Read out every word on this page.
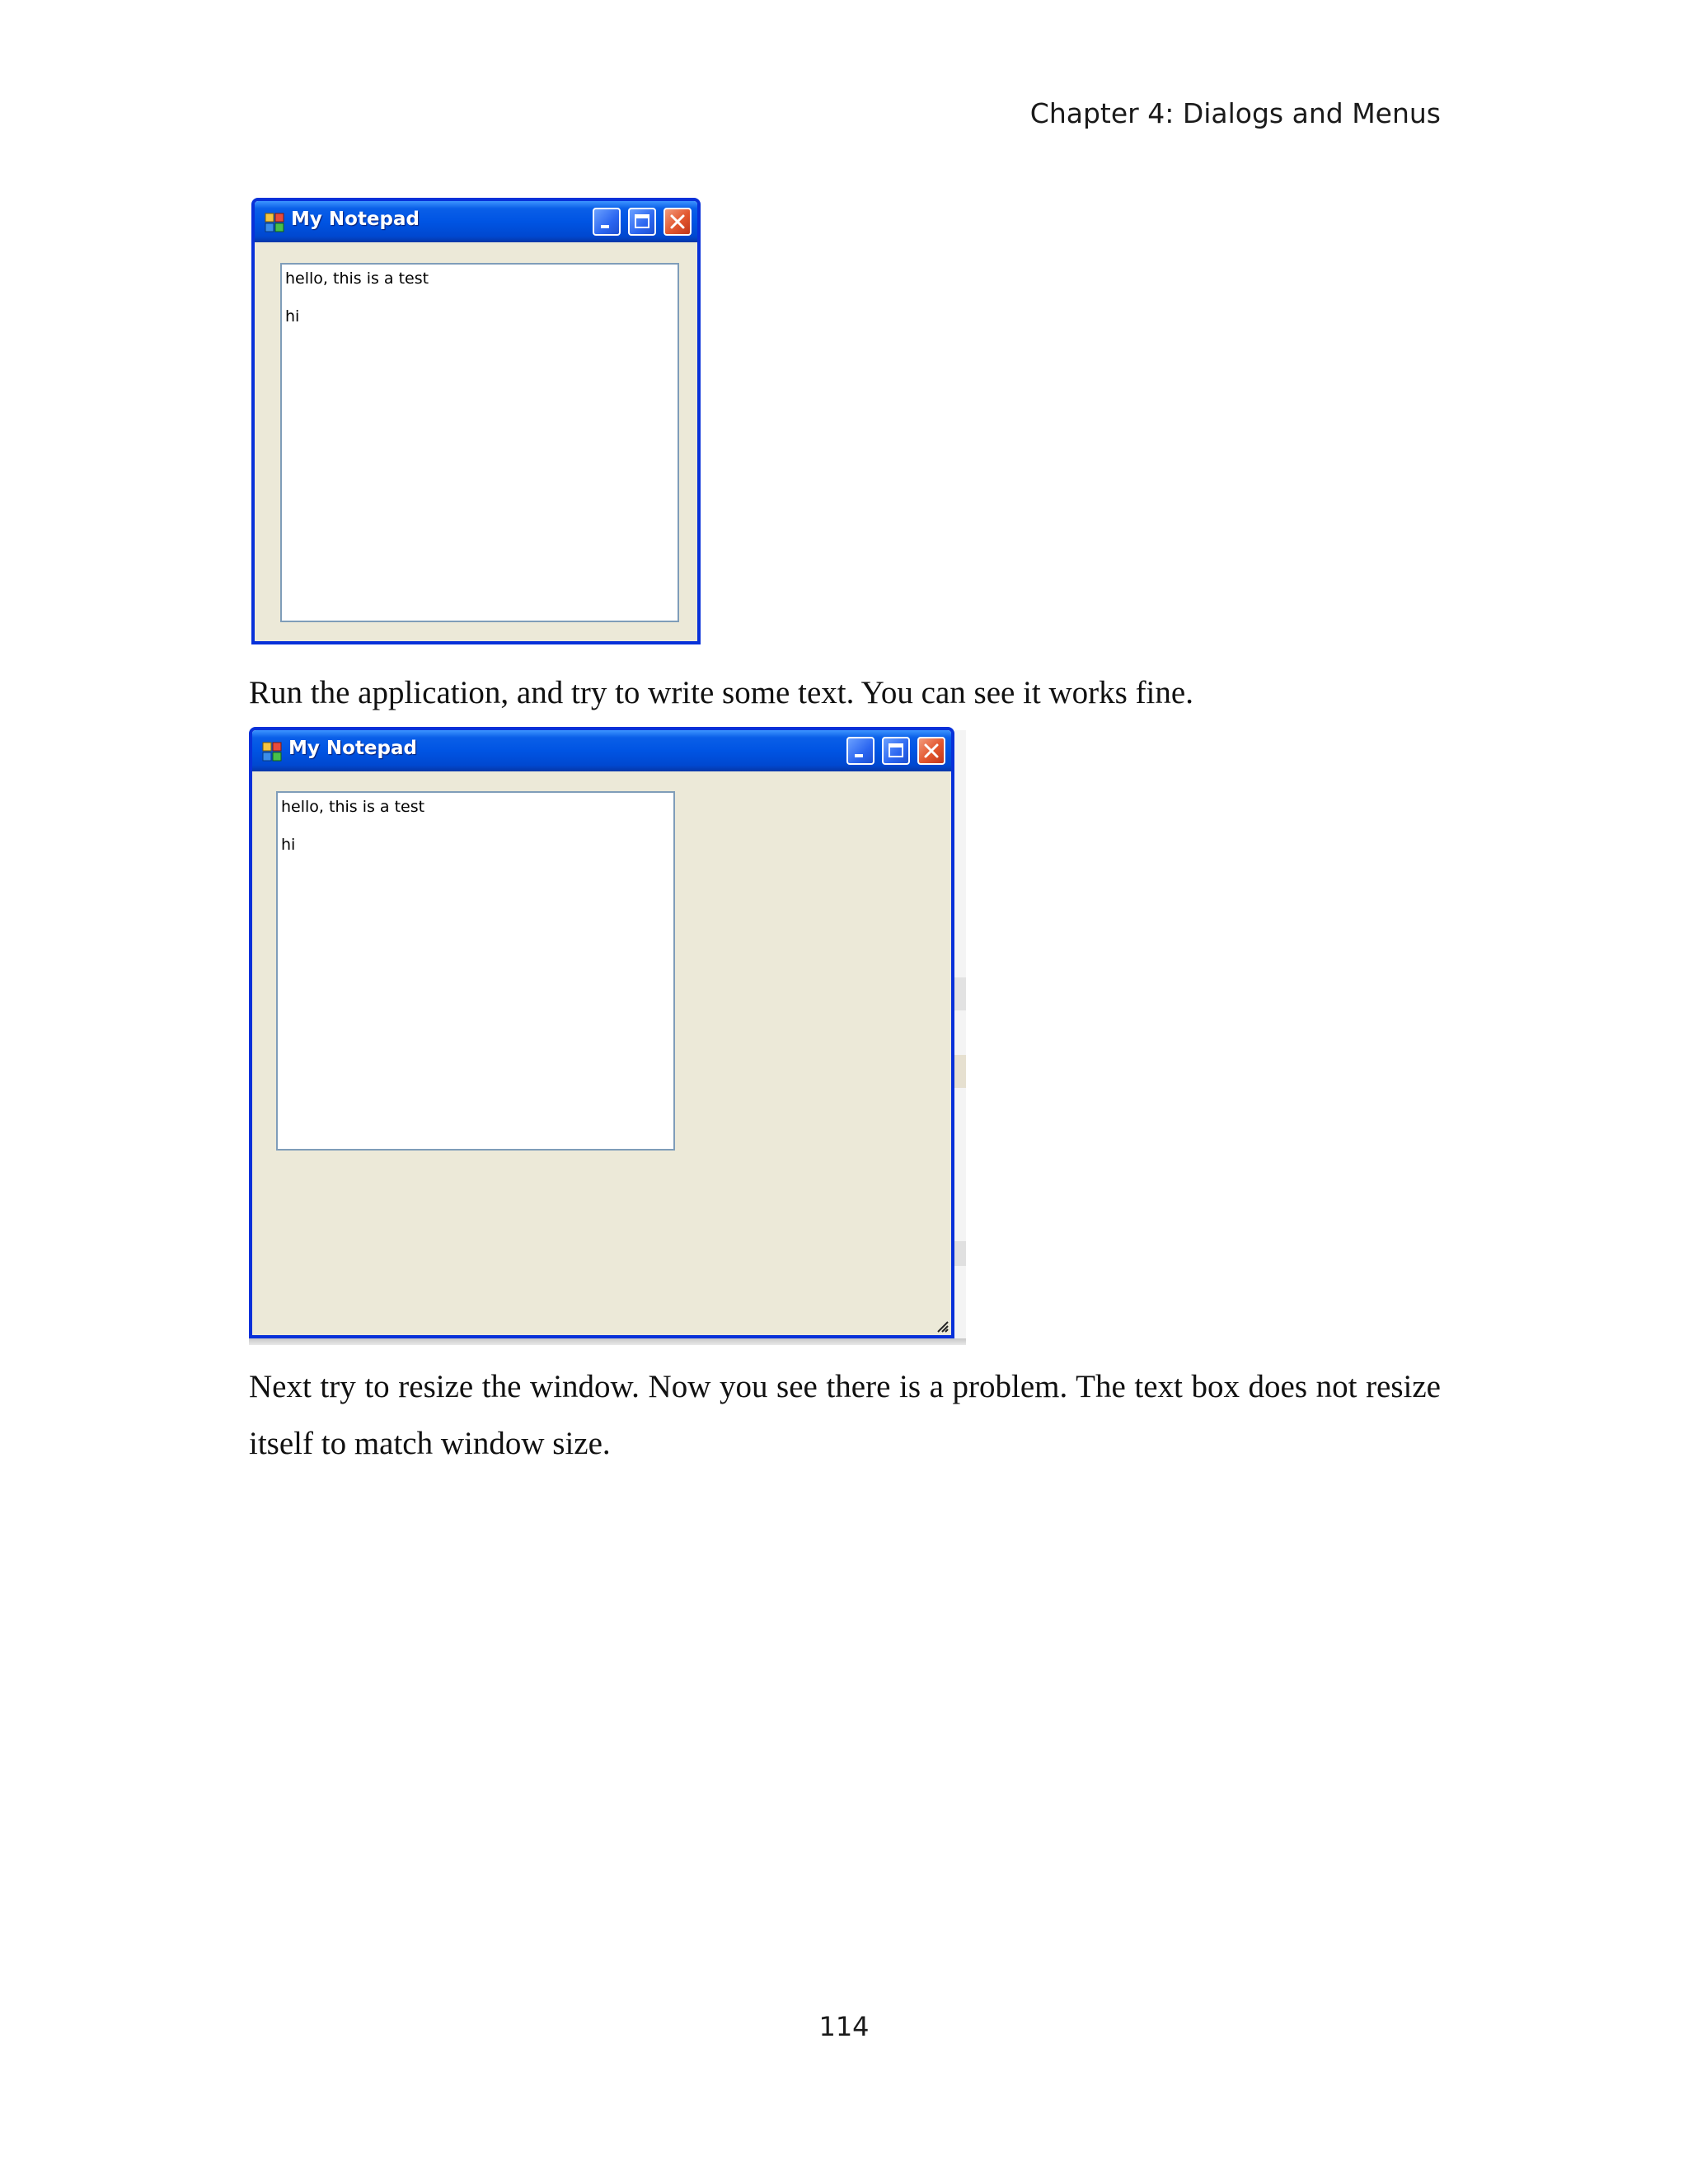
Chapter 4: Dialogs and Menus

My Notepad
hello, this is a test
hi

Run the application, and try to write some text. You can see it works fine.

My Notepad
hello, this is a test
hi

Next try to resize the window. Now you see there is a problem. The text box does not resize itself to match window size.

114
